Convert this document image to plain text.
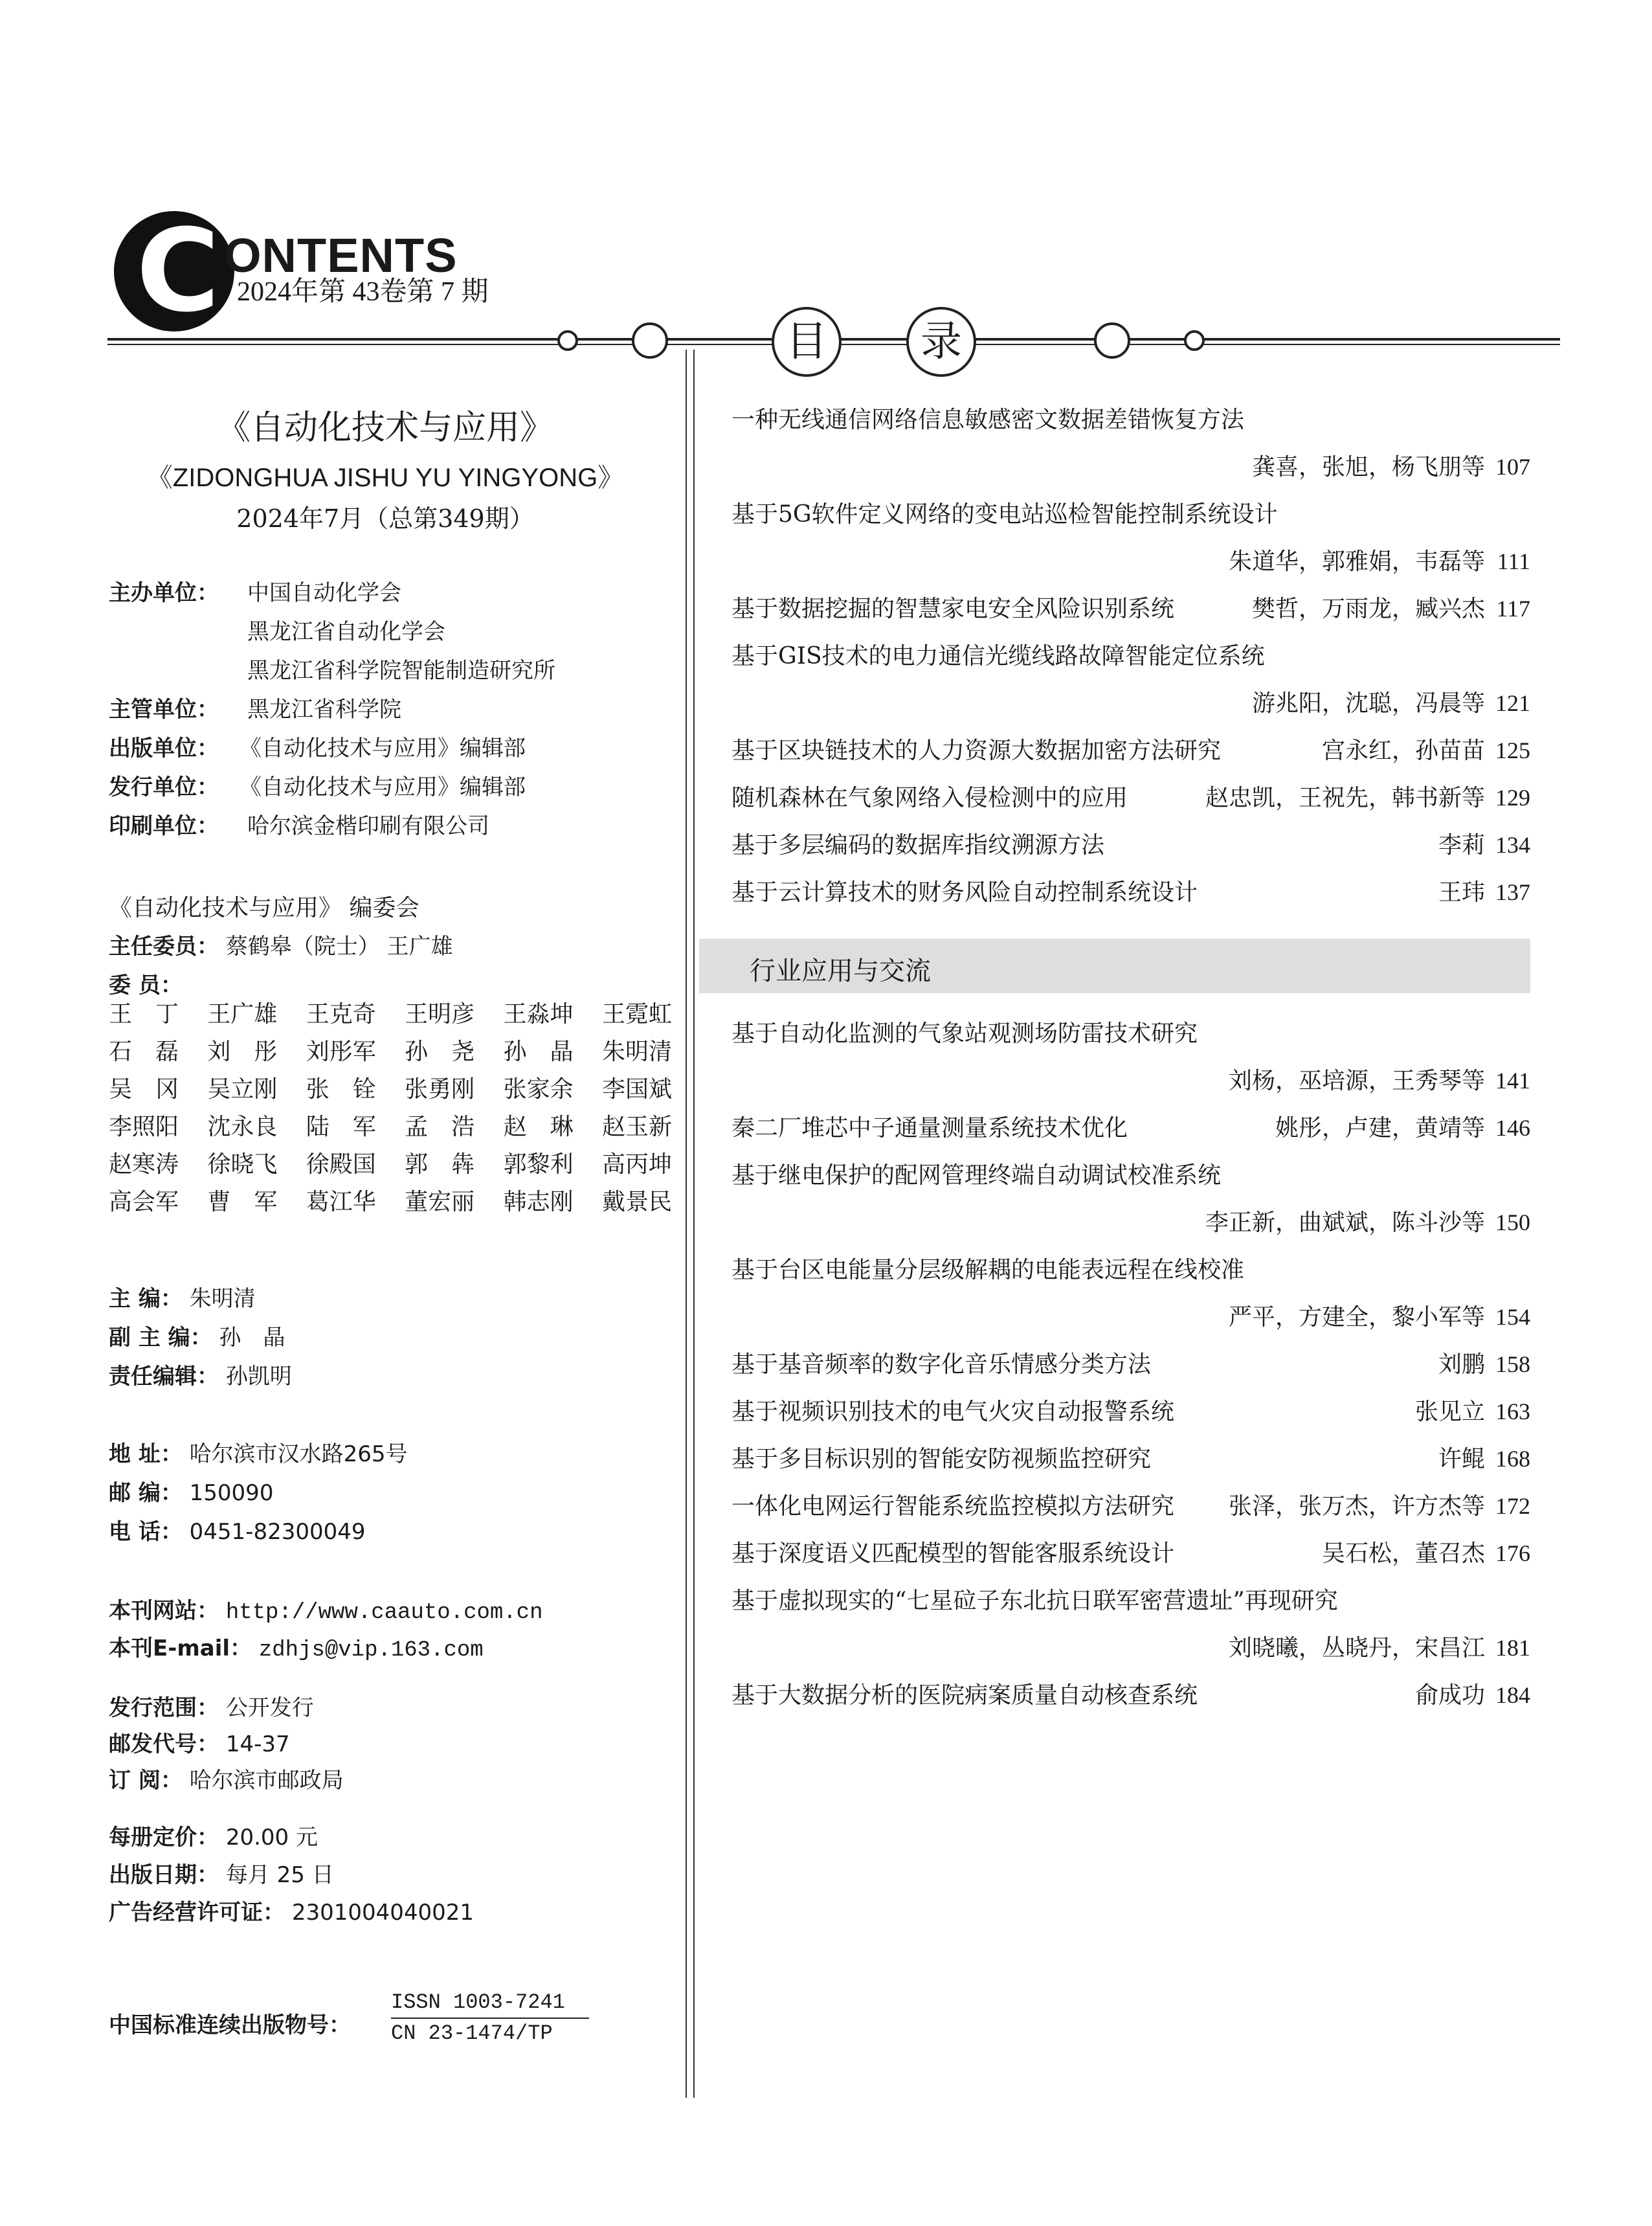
C ONTENTS
2024年第 43卷第 7 期
目	录
《自动化技术与应用》
《ZIDONGHUA JISHU YU YINGYONG》
2024年7月（总第349期）
主办单位： 中国自动化学会
黑龙江省自动化学会
黑龙江省科学院智能制造研究所
主管单位： 黑龙江省科学院
出版单位： 《自动化技术与应用》编辑部
发行单位： 《自动化技术与应用》编辑部
印刷单位： 哈尔滨金楷印刷有限公司
《自动化技术与应用》 编委会
主任委员： 蔡鹤皋（院士） 王广雄
委 员：
王　丁 王广雄 王克奇 王明彦 王淼坤 王霓虹
石　磊 刘　彤 刘彤军 孙　尧 孙　晶 朱明清
吴　冈 吴立刚 张　铨 张勇刚 张家余 李国斌
李照阳 沈永良 陆　军 孟　浩 赵　琳 赵玉新
赵寒涛 徐晓飞 徐殿国 郭　犇 郭黎利 高丙坤
高会军 曹　军 葛江华 董宏丽 韩志刚 戴景民
主 编： 朱明清
副 主 编： 孙　晶
责任编辑： 孙凯明
地 址： 哈尔滨市汉水路265号
邮 编： 150090
电 话： 0451-82300049
本刊网站： http://www.caauto.com.cn
本刊E-mail： zdhjs@vip.163.com
发行范围： 公开发行
邮发代号： 14-37
订 阅： 哈尔滨市邮政局
每册定价： 20.00 元
出版日期： 每月 25 日
广告经营许可证： 2301004040021
中国标准连续出版物号：
ISSN 1003-7241
CN 23-1474/TP
一种无线通信网络信息敏感密文数据差错恢复方法
龚喜，张旭，杨飞朋等 107
基于5G软件定义网络的变电站巡检智能控制系统设计
朱道华，郭雅娟，韦磊等 111
基于数据挖掘的智慧家电安全风险识别系统	樊哲，万雨龙，臧兴杰 117
基于GIS技术的电力通信光缆线路故障智能定位系统
游兆阳，沈聪，冯晨等 121
基于区块链技术的人力资源大数据加密方法研究	宫永红，孙苗苗 125
随机森林在气象网络入侵检测中的应用	赵忠凯，王祝先，韩书新等 129
基于多层编码的数据库指纹溯源方法	李莉 134
基于云计算技术的财务风险自动控制系统设计	王玮 137
行业应用与交流
基于自动化监测的气象站观测场防雷技术研究
刘杨，巫培源，王秀琴等 141
秦二厂堆芯中子通量测量系统技术优化	姚彤，卢建，黄靖等 146
基于继电保护的配网管理终端自动调试校准系统
李正新，曲斌斌，陈斗沙等 150
基于台区电能量分层级解耦的电能表远程在线校准
严平，方建全，黎小军等 154
基于基音频率的数字化音乐情感分类方法	刘鹏 158
基于视频识别技术的电气火灾自动报警系统	张见立 163
基于多目标识别的智能安防视频监控研究	许鲲 168
一体化电网运行智能系统监控模拟方法研究 张泽，张万杰，许方杰等 172
基于深度语义匹配模型的智能客服系统设计	吴石松，董召杰 176
基于虚拟现实的“七星砬子东北抗日联军密营遗址”再现研究
刘晓曦，丛晓丹，宋昌江 181
基于大数据分析的医院病案质量自动核查系统	俞成功 184
